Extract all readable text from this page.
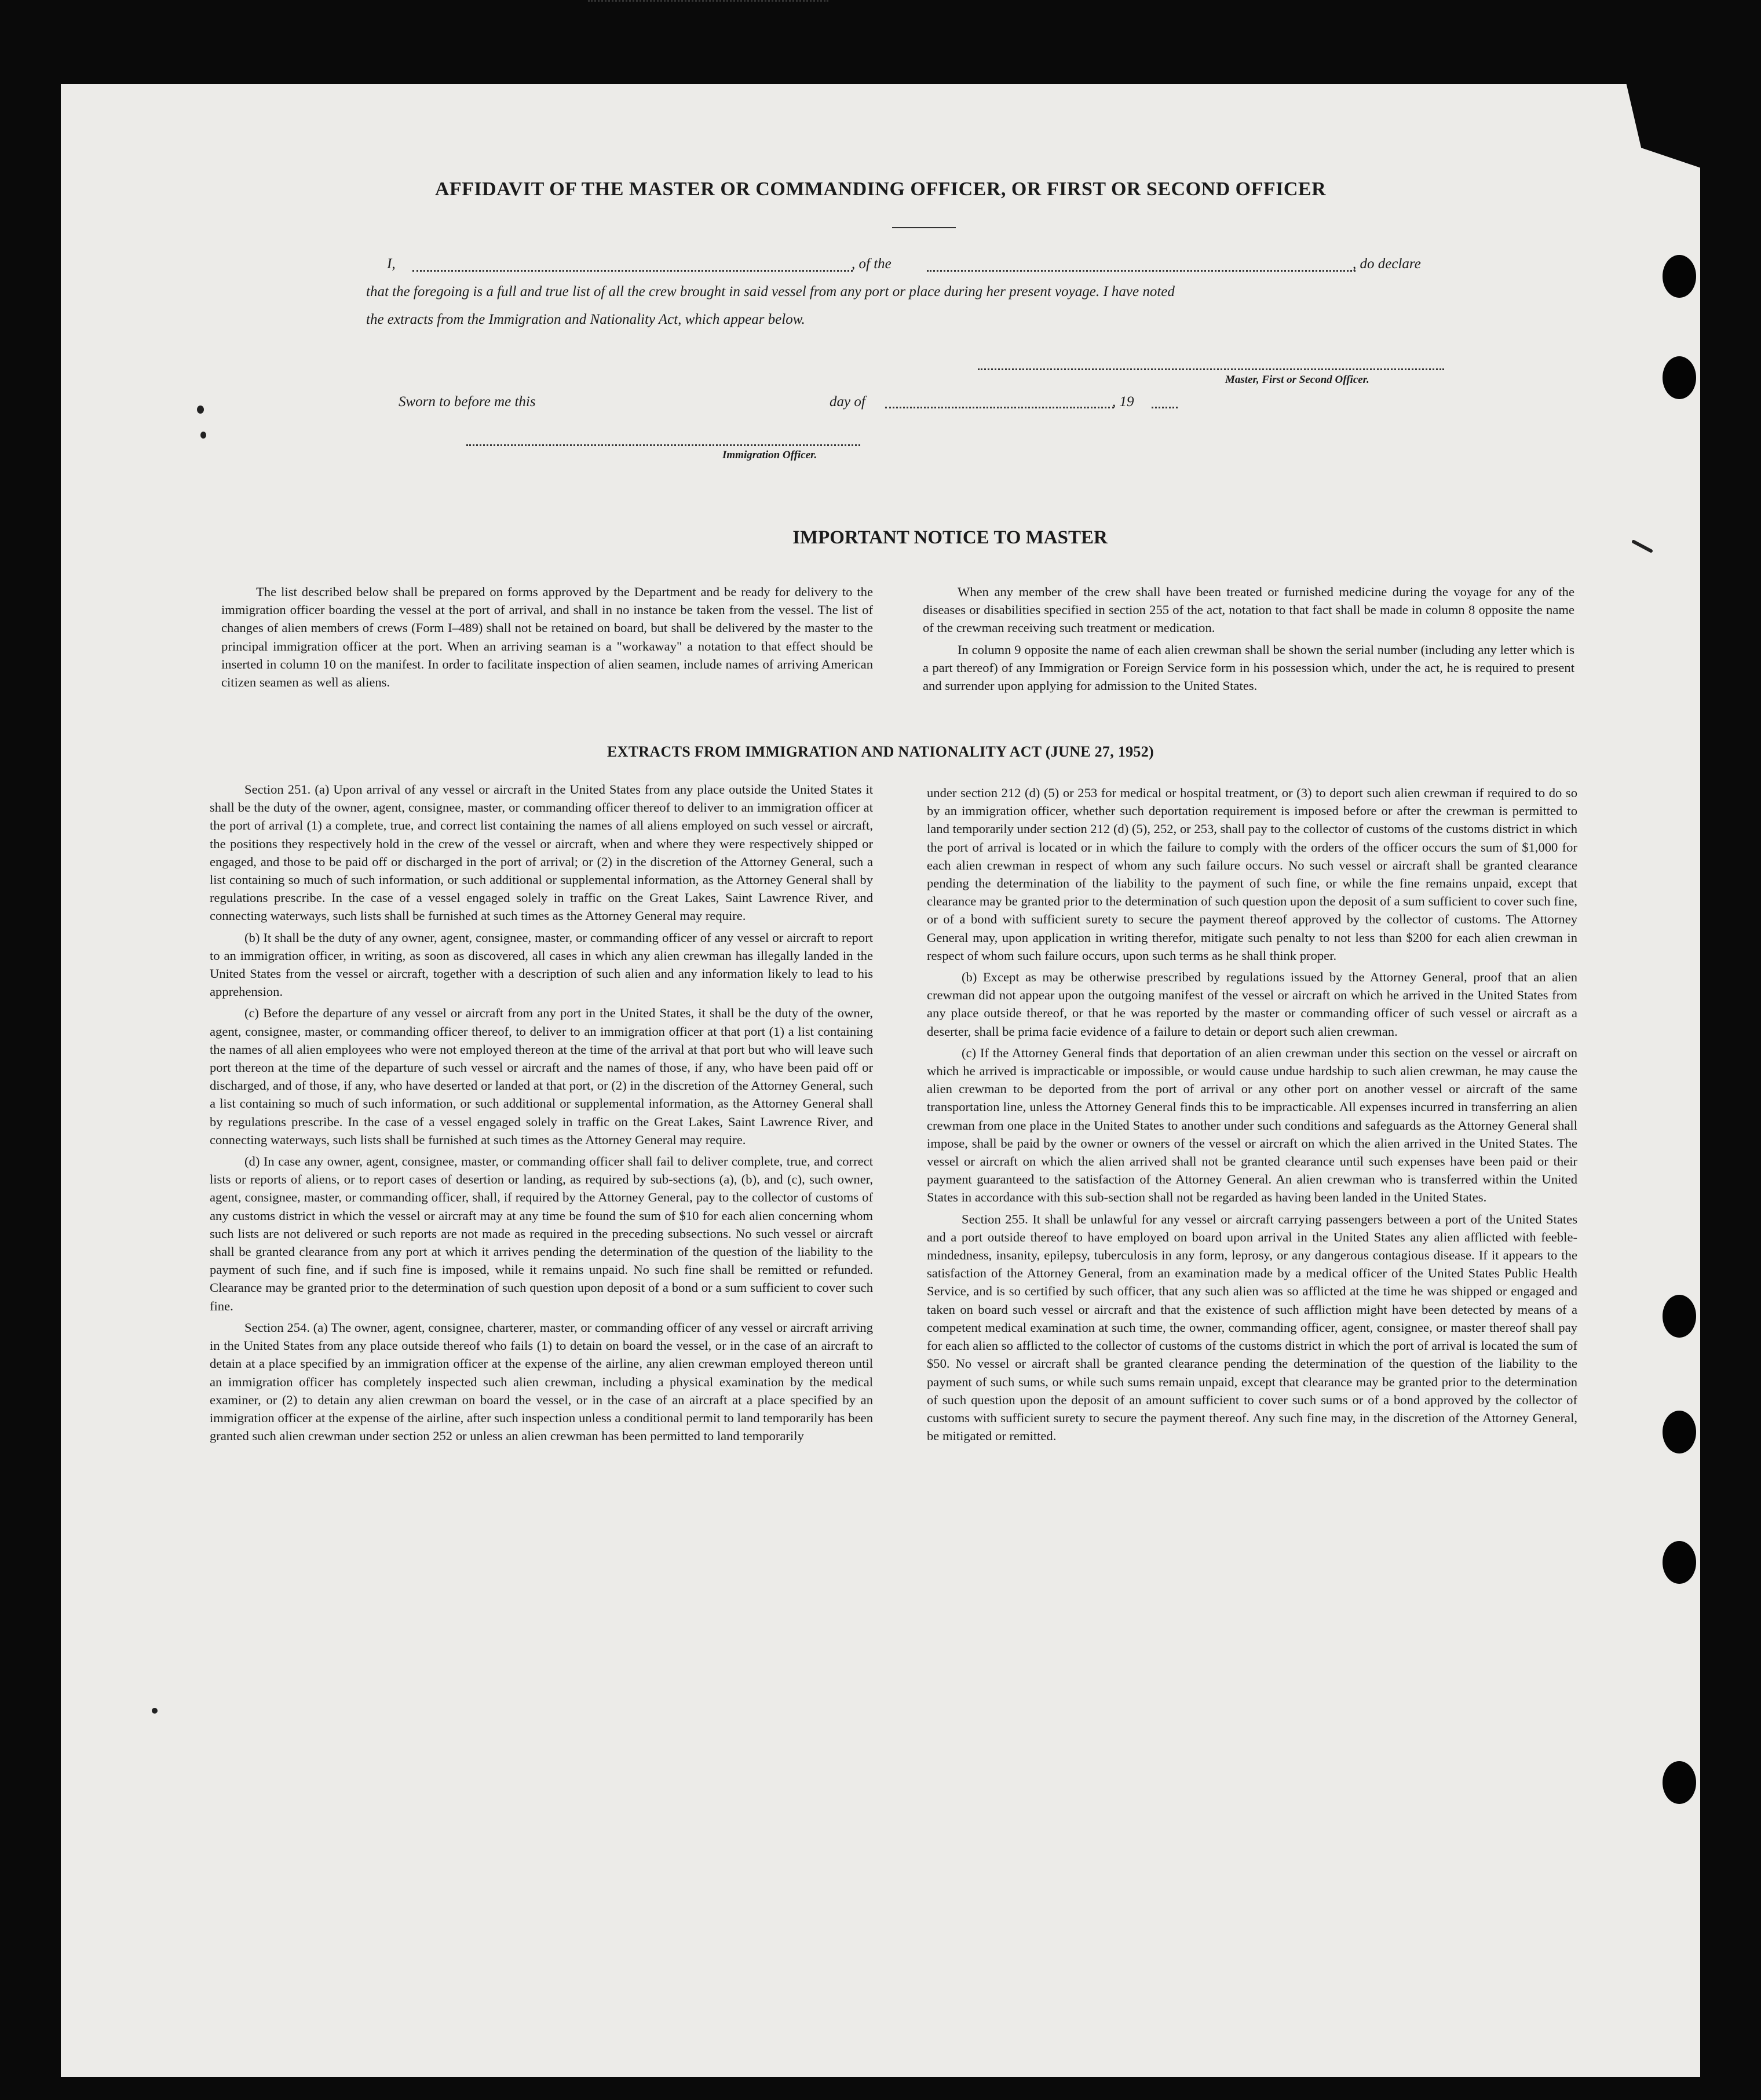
AFFIDAVIT OF THE MASTER OR COMMANDING OFFICER, OR FIRST OR SECOND OFFICER
I,	, of the	, do declare
that the foregoing is a full and true list of all the crew brought in said vessel from any port or place during her present voyage. I have noted
the extracts from the Immigration and Nationality Act, which appear below.
Master, First or Second Officer.
Sworn to before me this	day of	, 19
Immigration Officer.
IMPORTANT NOTICE TO MASTER

The list described below shall be prepared on forms approved by the Department and be ready for delivery to the immigration officer boarding the vessel at the port of arrival, and shall in no instance be taken from the vessel. The list of changes of alien members of crews (Form I–489) shall not be retained on board, but shall be delivered by the master to the principal immigration officer at the port. When an arriving seaman is a "workaway" a notation to that effect should be inserted in column 10 on the manifest. In order to facilitate inspection of alien seamen, include names of arriving American citizen seamen as well as aliens.

When any member of the crew shall have been treated or furnished medicine during the voyage for any of the diseases or disabilities specified in section 255 of the act, notation to that fact shall be made in column 8 opposite the name of the crewman receiving such treatment or medication.

In column 9 opposite the name of each alien crewman shall be shown the serial number (including any letter which is a part thereof) of any Immigration or Foreign Service form in his possession which, under the act, he is required to present and surrender upon applying for admission to the United States.

EXTRACTS FROM IMMIGRATION AND NATIONALITY ACT (JUNE 27, 1952)

Section 251. (a) Upon arrival of any vessel or aircraft in the United States from any place outside the United States it shall be the duty of the owner, agent, consignee, master, or commanding officer thereof to deliver to an immigration officer at the port of arrival (1) a complete, true, and correct list containing the names of all aliens employed on such vessel or aircraft, the positions they respectively hold in the crew of the vessel or aircraft, when and where they were respectively shipped or engaged, and those to be paid off or discharged in the port of arrival; or (2) in the discretion of the Attorney General, such a list containing so much of such information, or such additional or supplemental information, as the Attorney General shall by regulations prescribe. In the case of a vessel engaged solely in traffic on the Great Lakes, Saint Lawrence River, and connecting waterways, such lists shall be furnished at such times as the Attorney General may require.

(b) It shall be the duty of any owner, agent, consignee, master, or commanding officer of any vessel or aircraft to report to an immigration officer, in writing, as soon as discovered, all cases in which any alien crewman has illegally landed in the United States from the vessel or aircraft, together with a description of such alien and any information likely to lead to his apprehension.

(c) Before the departure of any vessel or aircraft from any port in the United States, it shall be the duty of the owner, agent, consignee, master, or commanding officer thereof, to deliver to an immigration officer at that port (1) a list containing the names of all alien employees who were not employed thereon at the time of the arrival at that port but who will leave such port thereon at the time of the departure of such vessel or aircraft and the names of those, if any, who have been paid off or discharged, and of those, if any, who have deserted or landed at that port, or (2) in the discretion of the Attorney General, such a list containing so much of such information, or such additional or supplemental information, as the Attorney General shall by regulations prescribe. In the case of a vessel engaged solely in traffic on the Great Lakes, Saint Lawrence River, and connecting waterways, such lists shall be furnished at such times as the Attorney General may require.

(d) In case any owner, agent, consignee, master, or commanding officer shall fail to deliver complete, true, and correct lists or reports of aliens, or to report cases of desertion or landing, as required by sub-sections (a), (b), and (c), such owner, agent, consignee, master, or commanding officer, shall, if required by the Attorney General, pay to the collector of customs of any customs district in which the vessel or aircraft may at any time be found the sum of $10 for each alien concerning whom such lists are not delivered or such reports are not made as required in the preceding subsections. No such vessel or aircraft shall be granted clearance from any port at which it arrives pending the determination of the question of the liability to the payment of such fine, and if such fine is imposed, while it remains unpaid. No such fine shall be remitted or refunded. Clearance may be granted prior to the determination of such question upon deposit of a bond or a sum sufficient to cover such fine.

Section 254. (a) The owner, agent, consignee, charterer, master, or commanding officer of any vessel or aircraft arriving in the United States from any place outside thereof who fails (1) to detain on board the vessel, or in the case of an aircraft to detain at a place specified by an immigration officer at the expense of the airline, any alien crewman employed thereon until an immigration officer has completely inspected such alien crewman, including a physical examination by the medical examiner, or (2) to detain any alien crewman on board the vessel, or in the case of an aircraft at a place specified by an immigration officer at the expense of the airline, after such inspection unless a conditional permit to land temporarily has been granted such alien crewman under section 252 or unless an alien crewman has been permitted to land temporarily

under section 212 (d) (5) or 253 for medical or hospital treatment, or (3) to deport such alien crewman if required to do so by an immigration officer, whether such deportation requirement is imposed before or after the crewman is permitted to land temporarily under section 212 (d) (5), 252, or 253, shall pay to the collector of customs of the customs district in which the port of arrival is located or in which the failure to comply with the orders of the officer occurs the sum of $1,000 for each alien crewman in respect of whom any such failure occurs. No such vessel or aircraft shall be granted clearance pending the determination of the liability to the payment of such fine, or while the fine remains unpaid, except that clearance may be granted prior to the determination of such question upon the deposit of a sum sufficient to cover such fine, or of a bond with sufficient surety to secure the payment thereof approved by the collector of customs. The Attorney General may, upon application in writing therefor, mitigate such penalty to not less than $200 for each alien crewman in respect of whom such failure occurs, upon such terms as he shall think proper.

(b) Except as may be otherwise prescribed by regulations issued by the Attorney General, proof that an alien crewman did not appear upon the outgoing manifest of the vessel or aircraft on which he arrived in the United States from any place outside thereof, or that he was reported by the master or commanding officer of such vessel or aircraft as a deserter, shall be prima facie evidence of a failure to detain or deport such alien crewman.

(c) If the Attorney General finds that deportation of an alien crewman under this section on the vessel or aircraft on which he arrived is impracticable or impossible, or would cause undue hardship to such alien crewman, he may cause the alien crewman to be deported from the port of arrival or any other port on another vessel or aircraft of the same transportation line, unless the Attorney General finds this to be impracticable. All expenses incurred in transferring an alien crewman from one place in the United States to another under such conditions and safeguards as the Attorney General shall impose, shall be paid by the owner or owners of the vessel or aircraft on which the alien arrived in the United States. The vessel or aircraft on which the alien arrived shall not be granted clearance until such expenses have been paid or their payment guaranteed to the satisfaction of the Attorney General. An alien crewman who is transferred within the United States in accordance with this sub-section shall not be regarded as having been landed in the United States.

Section 255. It shall be unlawful for any vessel or aircraft carrying passengers between a port of the United States and a port outside thereof to have employed on board upon arrival in the United States any alien afflicted with feeble-mindedness, insanity, epilepsy, tuberculosis in any form, leprosy, or any dangerous contagious disease. If it appears to the satisfaction of the Attorney General, from an examination made by a medical officer of the United States Public Health Service, and is so certified by such officer, that any such alien was so afflicted at the time he was shipped or engaged and taken on board such vessel or aircraft and that the existence of such affliction might have been detected by means of a competent medical examination at such time, the owner, commanding officer, agent, consignee, or master thereof shall pay for each alien so afflicted to the collector of customs of the customs district in which the port of arrival is located the sum of $50. No vessel or aircraft shall be granted clearance pending the determination of the question of the liability to the payment of such sums, or while such sums remain unpaid, except that clearance may be granted prior to the determination of such question upon the deposit of an amount sufficient to cover such sums or of a bond approved by the collector of customs with sufficient surety to secure the payment thereof. Any such fine may, in the discretion of the Attorney General, be mitigated or remitted.
